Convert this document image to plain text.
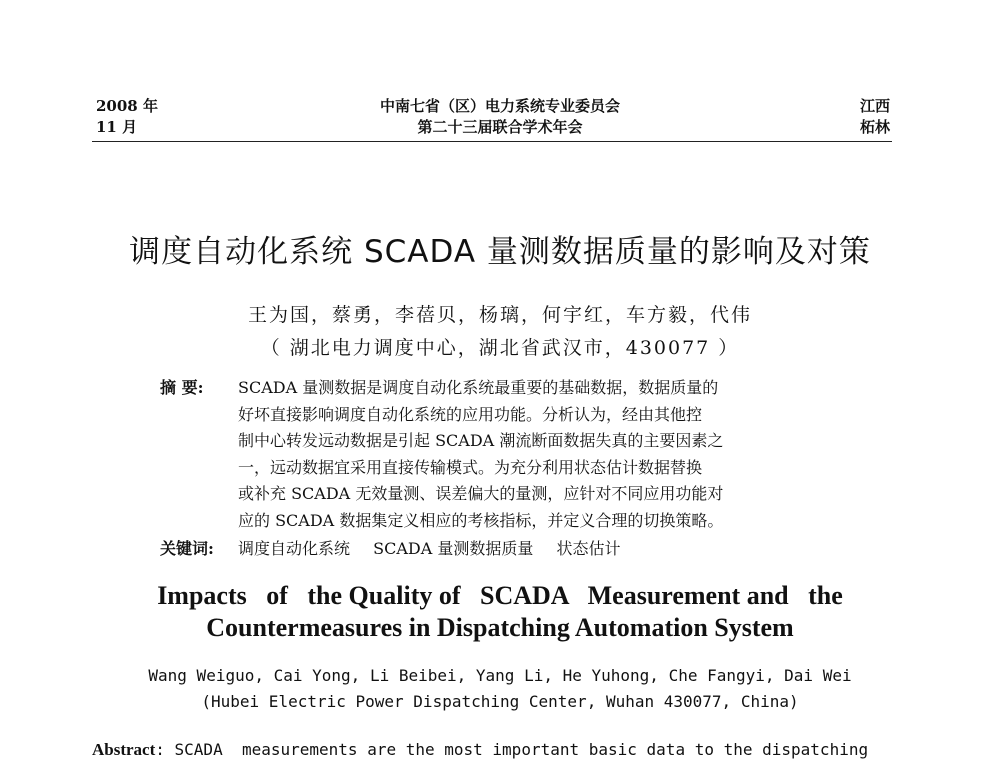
2008 年
11 月
中南七省（区）电力系统专业委员会
第二十三届联合学术年会
江西
柘林
调度自动化系统 SCADA 量测数据质量的影响及对策
王为国，蔡勇，李蓓贝，杨璃，何宇红，车方毅，代伟
（ 湖北电力调度中心，湖北省武汉市，430077 ）
摘 要: SCADA 量测数据是调度自动化系统最重要的基础数据，数据质量的
好坏直接影响调度自动化系统的应用功能。分析认为，经由其他控
制中心转发远动数据是引起 SCADA 潮流断面数据失真的主要因素之
一，远动数据宜采用直接传输模式。为充分利用状态估计数据替换
或补充 SCADA 无效量测、误差偏大的量测，应针对不同应用功能对
应的 SCADA 数据集定义相应的考核指标，并定义合理的切换策略。
关键词: 调度自动化系统 SCADA 量测数据质量 状态估计
Impacts   of   the Quality of   SCADA   Measurement and   the
Countermeasures in Dispatching Automation System
Wang Weiguo, Cai Yong, Li Beibei, Yang Li, He Yuhong, Che Fangyi, Dai Wei
(Hubei Electric Power Dispatching Center, Wuhan 430077, China)
Abstract: SCADA  measurements are the most important basic data to the dispatching
